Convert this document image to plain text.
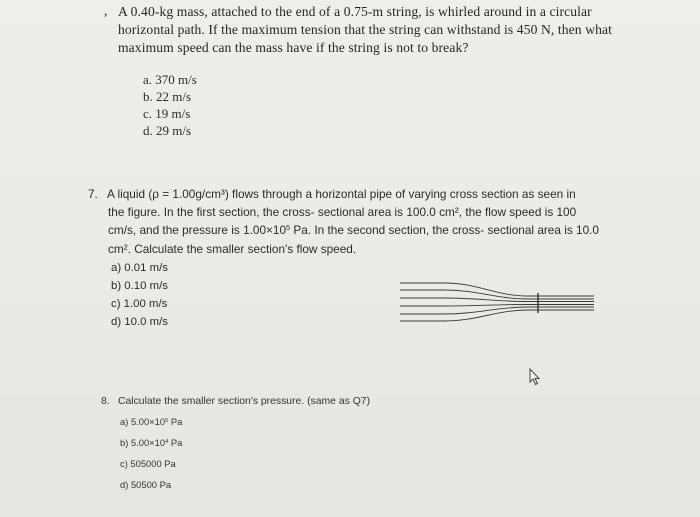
, A 0.40-kg mass, attached to the end of a 0.75-m string, is whirled around in a circular
horizontal path. If the maximum tension that the string can withstand is 450 N, then what
maximum speed can the mass have if the string is not to break?
a. 370 m/s
b. 22 m/s
c. 19 m/s
d. 29 m/s
7. A liquid (ρ = 1.00g/cm³) flows through a horizontal pipe of varying cross section as seen in
the figure. In the first section, the cross- sectional area is 100.0 cm², the flow speed is 100
cm/s, and the pressure is $1.00\times 10^5$ Pa. In the second section, the cross- sectional area is 10.0
cm². Calculate the smaller section's flow speed.
a) 0.01 m/s
b) 0.10 m/s
c) 1.00 m/s
d) 10.0 m/s
8. Calculate the smaller section's pressure. (same as Q7)
a) $5.00\times 10^5$ Pa
b) $5.00\times 10^4$ Pa
c) 505000 Pa
d) 50500 Pa
